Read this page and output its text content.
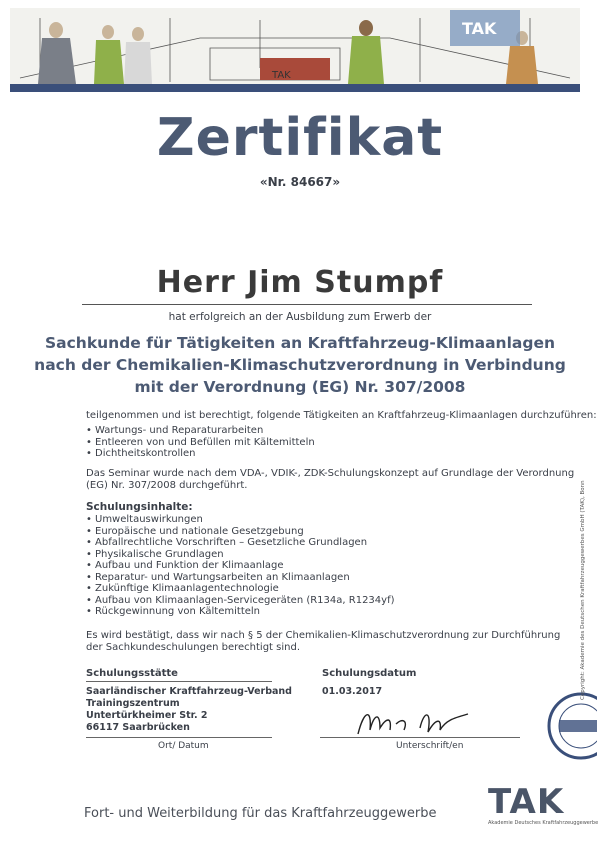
TAK
TAK
Zertifikat
«Nr. 84667»
Herr Jim Stumpf
hat erfolgreich an der Ausbildung zum Erwerb der
Sachkunde für Tätigkeiten an Kraftfahrzeug-Klimaanlagen
nach der Chemikalien-Klimaschutzverordnung in Verbindung
mit der Verordnung (EG) Nr. 307/2008
teilgenommen und ist berechtigt, folgende Tätigkeiten an Kraftfahrzeug-Klimaanlagen durchzuführen:
• Wartungs- und Reparaturarbeiten
• Entleeren von und Befüllen mit Kältemitteln
• Dichtheitskontrollen
Das Seminar wurde nach dem VDA-, VDIK-, ZDK-Schulungskonzept auf Grundlage der Verordnung
(EG) Nr. 307/2008 durchgeführt.
Schulungsinhalte:
• Umweltauswirkungen
• Europäische und nationale Gesetzgebung
• Abfallrechtliche Vorschriften – Gesetzliche Grundlagen
• Physikalische Grundlagen
• Aufbau und Funktion der Klimaanlage
• Reparatur- und Wartungsarbeiten an Klimaanlagen
• Zukünftige Klimaanlagentechnologie
• Aufbau von Klimaanlagen-Servicegeräten (R134a, R1234yf)
• Rückgewinnung von Kältemitteln
Es wird bestätigt, dass wir nach § 5 der Chemikalien-Klimaschutzverordnung zur Durchführung
der Sachkundeschulungen berechtigt sind.
Schulungsstätte	Schulungsdatum
Saarländischer Kraftfahrzeug-Verband
Trainingszentrum
Untertürkheimer Str. 2
66117 Saarbrücken
01.03.2017
Ort/ Datum	Unterschrift/en
Copyright: Akademie des Deutschen Kraftfahrzeuggewerbes GmbH (TAK), Bonn
Fort- und Weiterbildung für das Kraftfahrzeuggewerbe TAK
Akademie Deutsches Kraftfahrzeuggewerbe
